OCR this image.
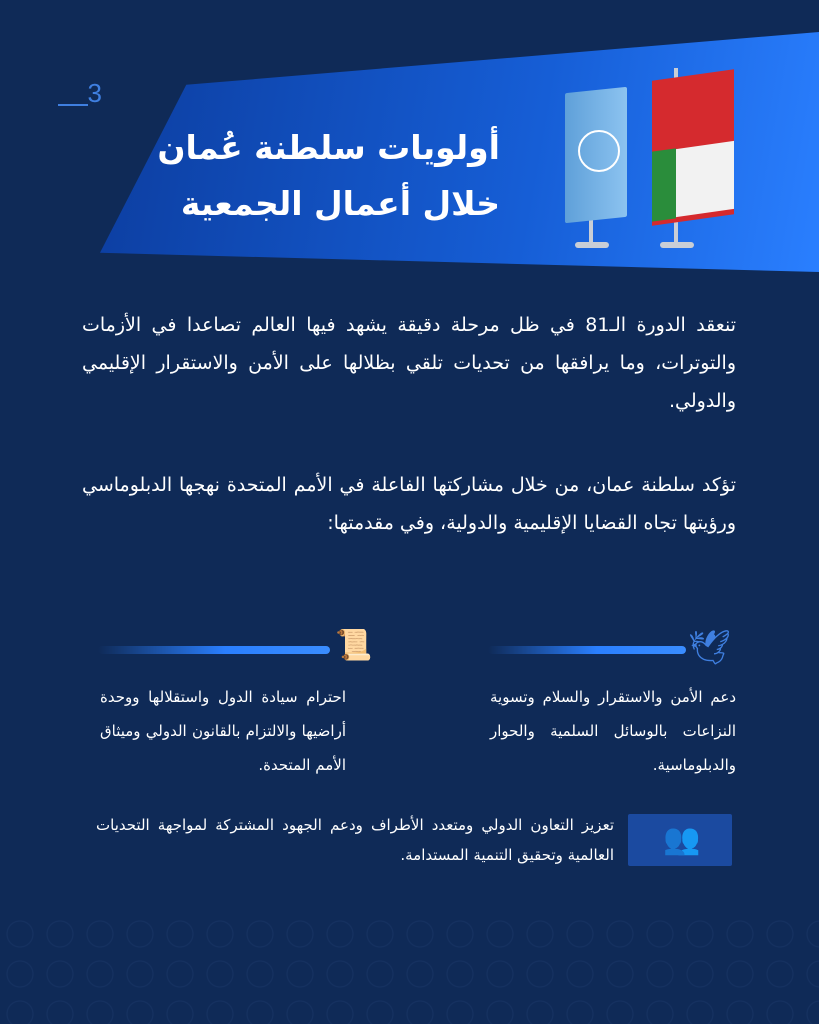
3
أولويات سلطنة عُمان
خلال أعمال الجمعية
تنعقد الدورة الـ81 في ظل مرحلة دقيقة يشهد فيها العالم تصاعدا في الأزمات والتوترات، وما يرافقها من تحديات تلقي بظلالها على الأمن والاستقرار الإقليمي والدولي.
تؤكد سلطنة عمان، من خلال مشاركتها الفاعلة في الأمم المتحدة نهجها الدبلوماسي ورؤيتها تجاه القضايا الإقليمية والدولية، وفي مقدمتها:
🕊
دعم الأمن والاستقرار والسلام وتسوية النزاعات بالوسائل السلمية والحوار والدبلوماسية.
📜
احترام سيادة الدول واستقلالها ووحدة أراضيها والالتزام بالقانون الدولي وميثاق الأمم المتحدة.
👥
تعزيز التعاون الدولي ومتعدد الأطراف ودعم الجهود المشتركة لمواجهة التحديات العالمية وتحقيق التنمية المستدامة.
